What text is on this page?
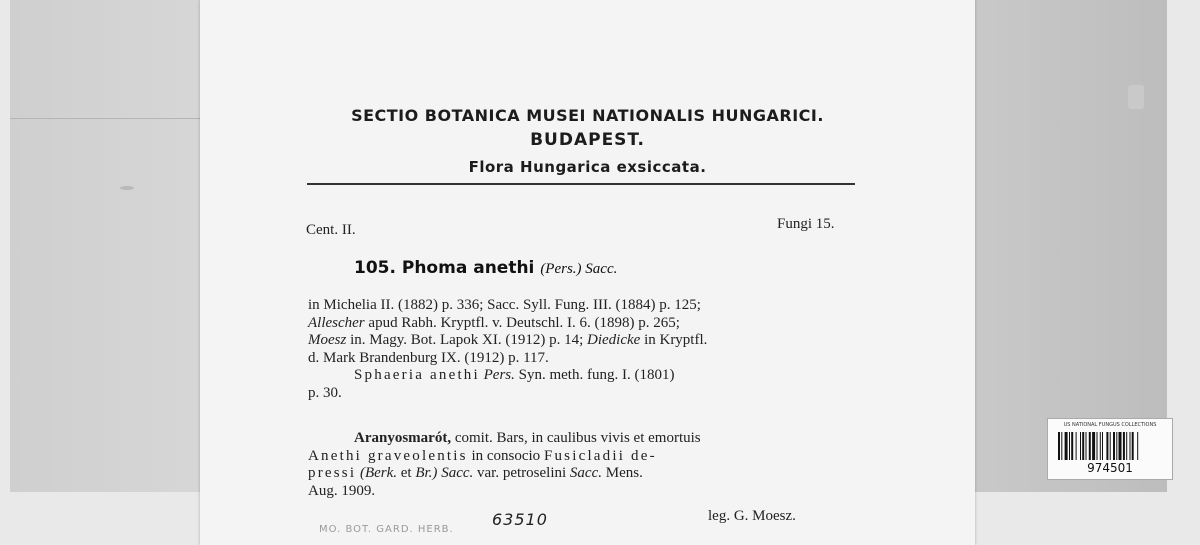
SECTIO BOTANICA MUSEI NATIONALIS HUNGARICI.
BUDAPEST.
Flora Hungarica exsiccata.
Cent. II.	Fungi 15.
105. Phoma anethi (Pers.) Sacc.
in Michelia II. (1882) p. 336; Sacc. Syll. Fung. III. (1884) p. 125;
Allescher apud Rabh. Kryptfl. v. Deutschl. I. 6. (1898) p. 265;
Moesz in. Magy. Bot. Lapok XI. (1912) p. 14; Diedicke in Kryptfl.
d. Mark Brandenburg IX. (1912) p. 117.
Sphaeria anethi Pers. Syn. meth. fung. I. (1801)
p. 30.
Aranyosmarót, comit. Bars, in caulibus vivis et emortuis
Anethi graveolentis in consocio Fusicladii de-
pressi (Berk. et Br.) Sacc. var. petroselini Sacc. Mens.
Aug. 1909.
MO. BOT. GARD. HERB.
63510	leg. G. Moesz.
US NATIONAL FUNGUS COLLECTIONS
974501
